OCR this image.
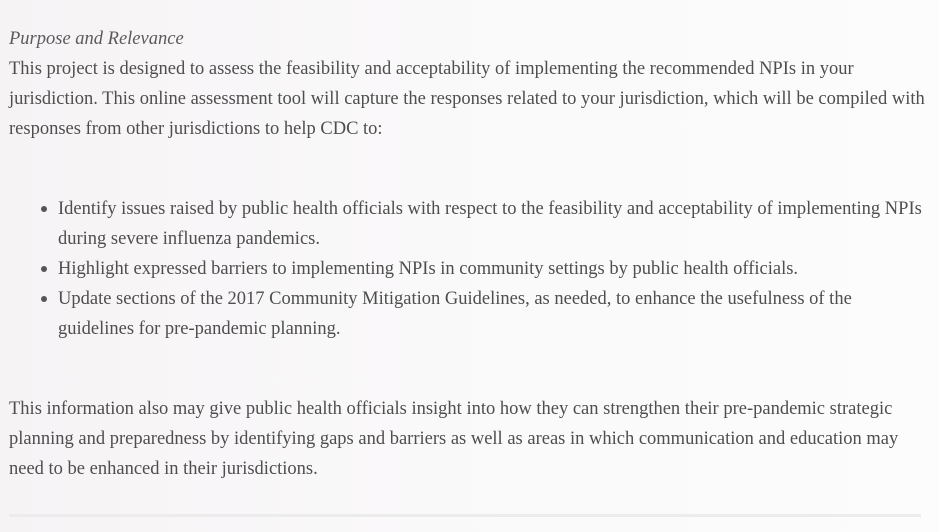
Purpose and Relevance

This project is designed to assess the feasibility and acceptability of implementing the recommended NPIs in your jurisdiction. This online assessment tool will capture the responses related to your jurisdiction, which will be compiled with responses from other jurisdictions to help CDC to:

Identify issues raised by public health officials with respect to the feasibility and acceptability of implementing NPIs during severe influenza pandemics.
Highlight expressed barriers to implementing NPIs in community settings by public health officials.
Update sections of the 2017 Community Mitigation Guidelines, as needed, to enhance the usefulness of the guidelines for pre-pandemic planning.

This information also may give public health officials insight into how they can strengthen their pre-pandemic strategic planning and preparedness by identifying gaps and barriers as well as areas in which communication and education may need to be enhanced in their jurisdictions.
